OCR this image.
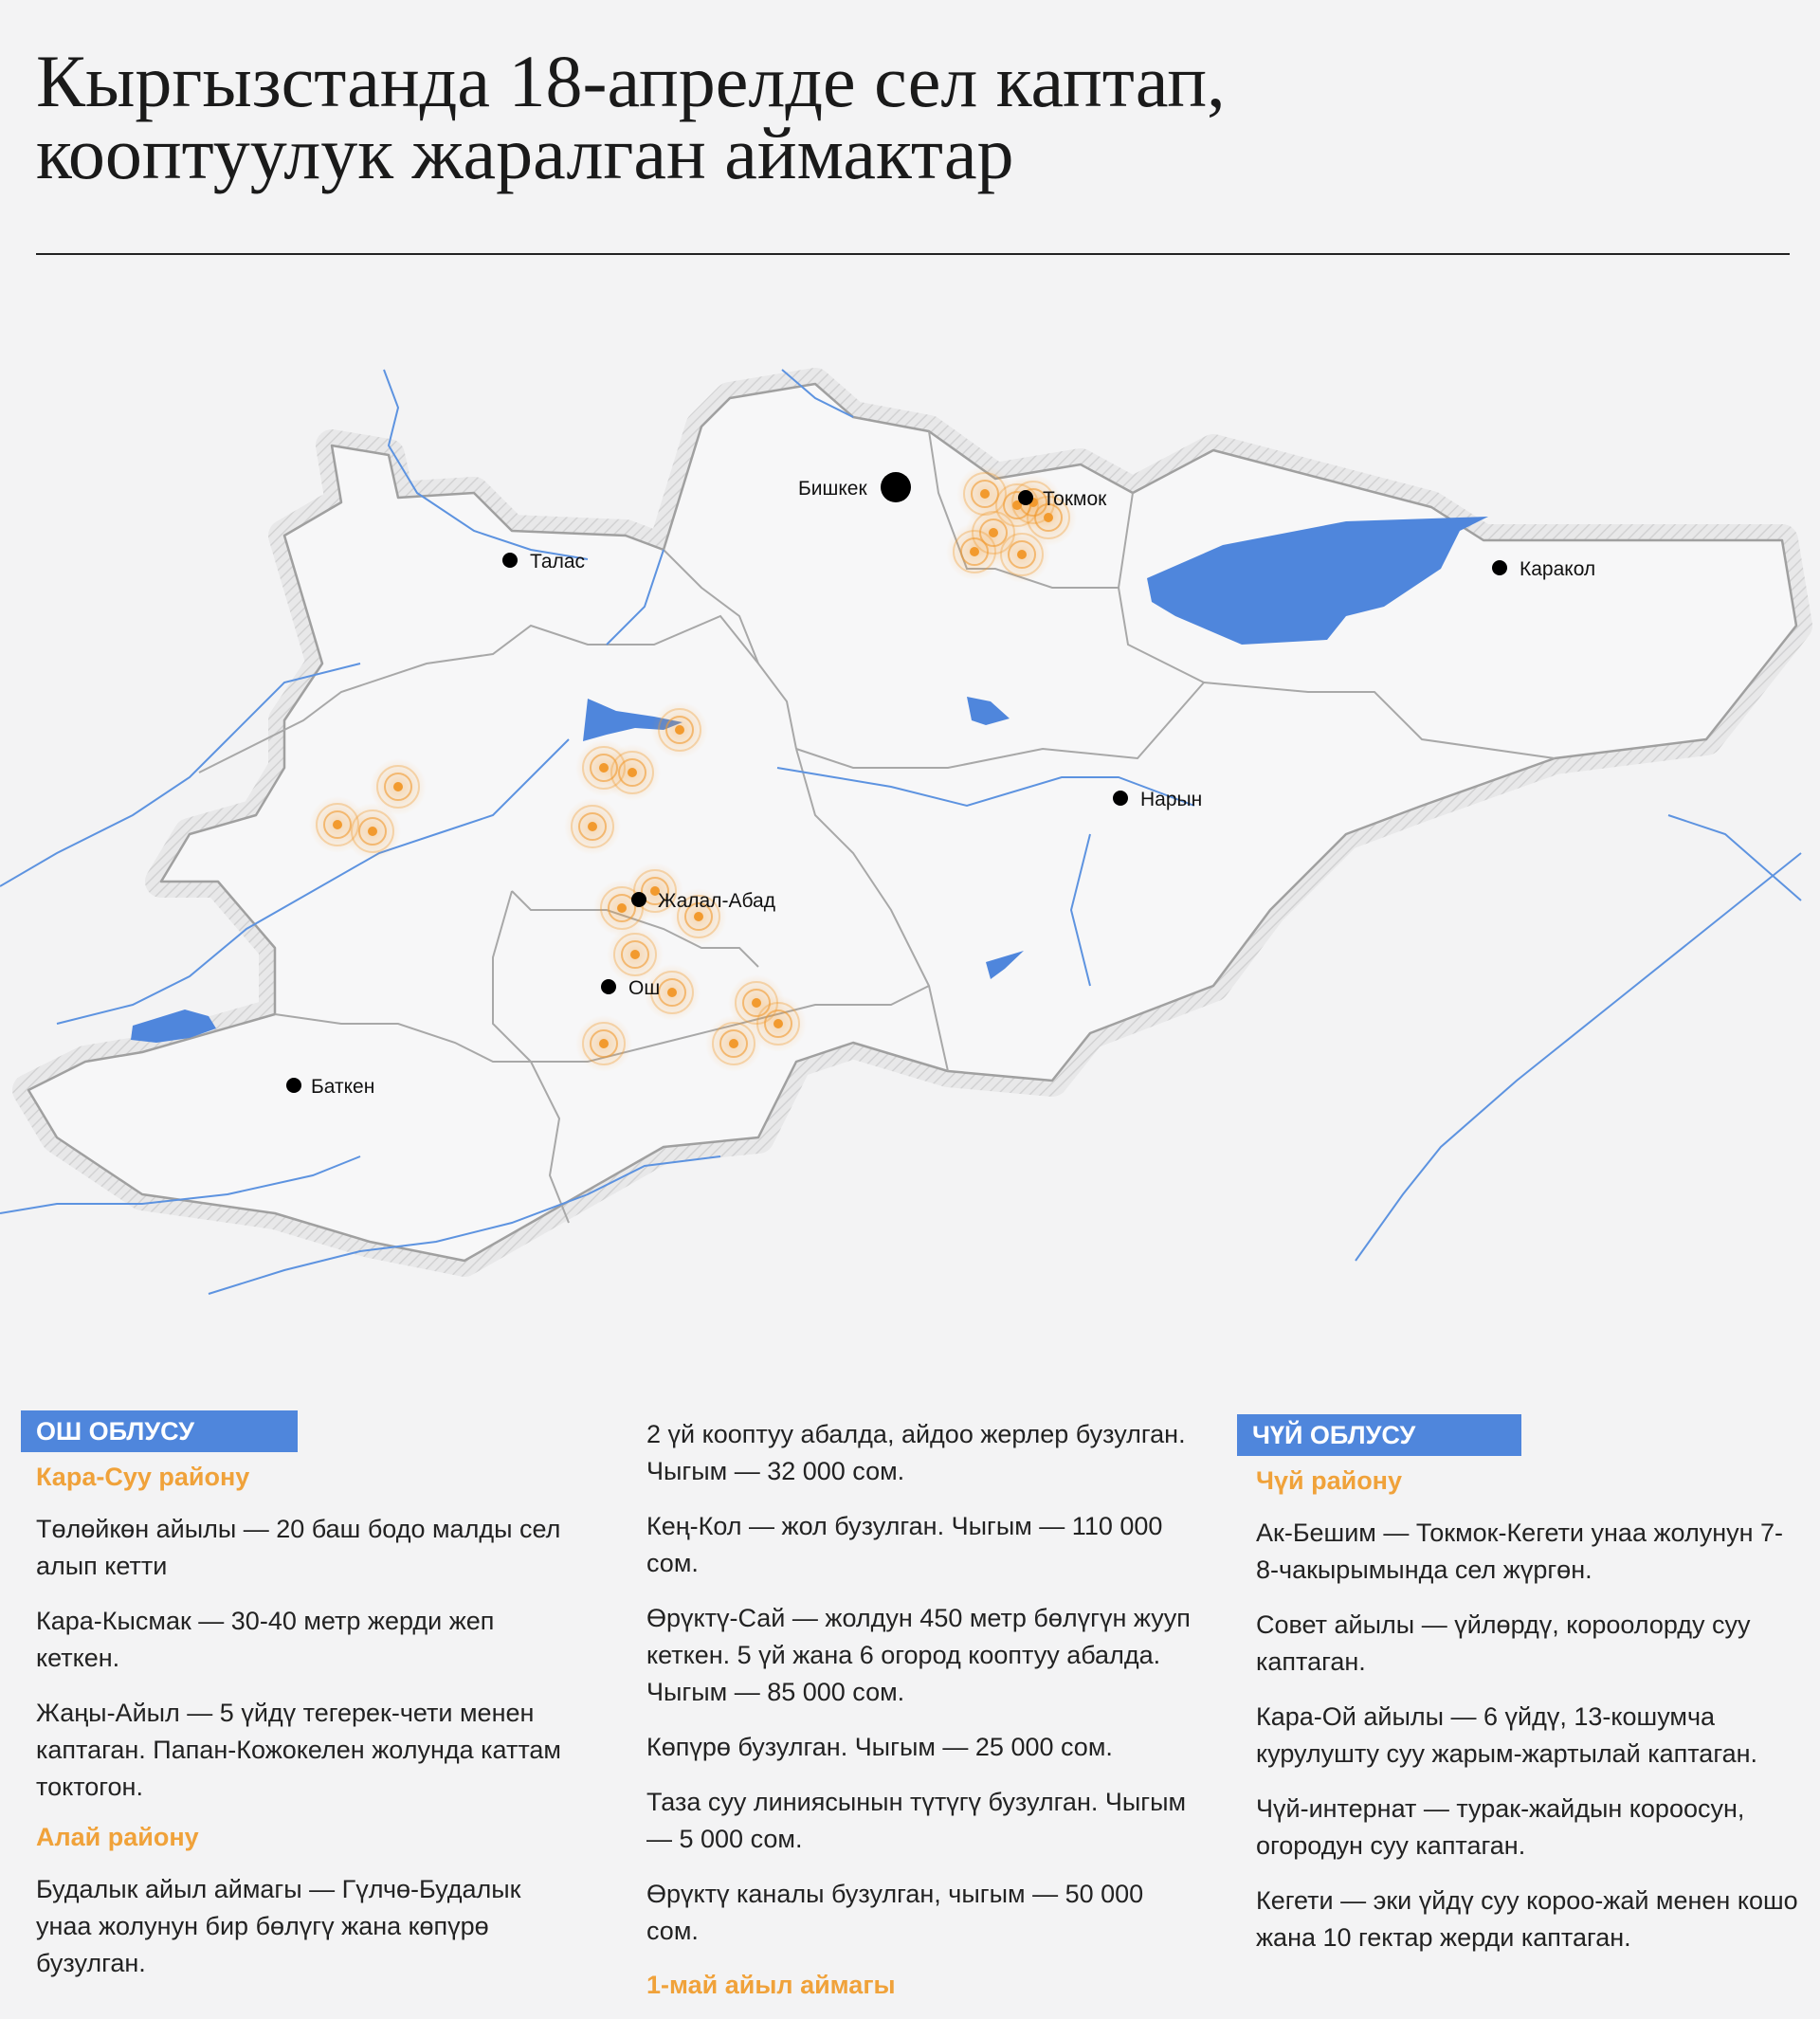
Кыргызстанда 18-апрелде сел каптап,
кооптуулук жаралган аймактар
Бишкек	Токмок
Талас	Каракол
Нарын
Жалал-Абад
Ош
Баткен
ОШ ОБЛУСУ
Кара-Суу району

Төлөйкөн айылы — 20 баш бодо малды сел алып кетти

Кара-Кысмак — 30-40 метр жерди жеп кеткен.

Жаңы-Айыл — 5 үйдү тегерек-чети менен каптаган. Папан-Кожокелен жолунда каттам токтогон.

Алай району

Будалык айыл аймагы — Гүлчө-Будалык унаа жолунун бир бөлүгү жана көпүрө бузулган.

2 үй кооптуу абалда, айдоо жерлер бузулган. Чыгым — 32 000 сом.

Кең-Кол — жол бузулган. Чыгым — 110 000 сом.

Өрүктү-Сай — жолдун 450 метр бөлүгүн жууп кеткен. 5 үй жана 6 огород кооптуу абалда. Чыгым — 85 000 сом.

Көпүрө бузулган. Чыгым — 25 000 сом.

Таза суу линиясынын түтүгү бузулган. Чыгым — 5 000 сом.

Өрүктү каналы бузулган, чыгым — 50 000 сом.

1-май айыл аймагы
ЧҮЙ ОБЛУСУ
Чүй району

Ак-Бешим — Токмок-Кегети унаа жолунун 7-8-чакырымында сел жүргөн.

Совет айылы — үйлөрдү, короолорду суу каптаган.

Кара-Ой айылы — 6 үйдү, 13-кошумча курулушту суу жарым-жартылай каптаган.

Чүй-интернат — турак-жайдын короосун, огородун суу каптаган.

Кегети — эки үйдү суу короо-жай менен кошо жана 10 гектар жерди каптаган.
